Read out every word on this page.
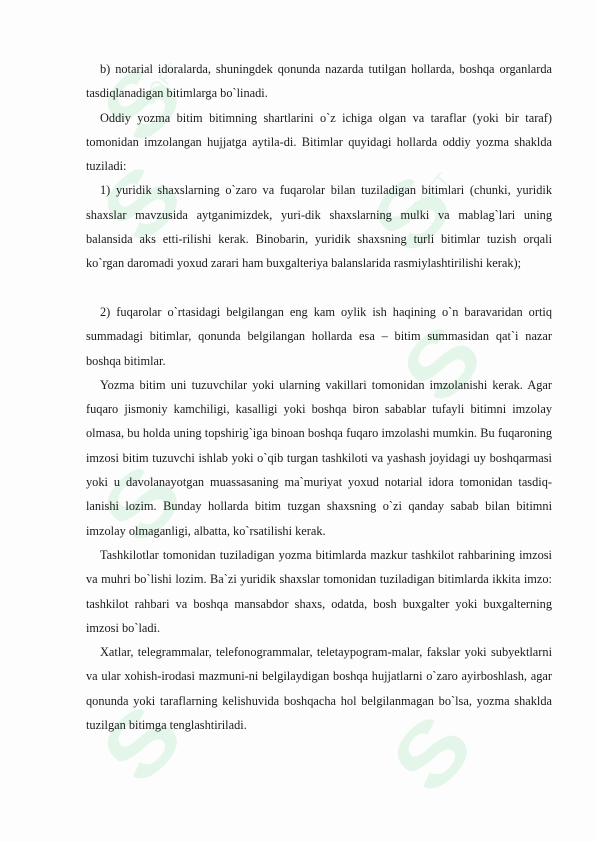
SOFT
SOFT

b) notarial idoralarda, shuningdek qonunda nazarda tutilgan hollarda, boshqa organlarda tasdiqlanadigan bitimlarga bo`linadi.

Oddiy yozma bitim bitimning shartlarini o`z ichiga olgan va taraflar (yoki bir taraf) tomonidan imzolangan hujjatga aytila-di. Bitimlar quyidagi hollarda oddiy yozma shaklda tuziladi:

1) yuridik shaxslarning o`zaro va fuqarolar bilan tuziladigan bitimlari (chunki, yuridik shaxslar mavzusida aytganimizdek, yuri-dik shaxslarning mulki va mablag`lari uning balansida aks etti-rilishi kerak. Binobarin, yuridik shaxsning turli bitimlar tuzish orqali ko`rgan daromadi yoxud zarari ham buxgalteriya balanslarida rasmiylashtirilishi kerak);

2) fuqarolar o`rtasidagi belgilangan eng kam oylik ish haqining o`n baravaridan ortiq summadagi bitimlar, qonunda belgilangan hollarda esa – bitim summasidan qat`i nazar boshqa bitimlar.

Yozma bitim uni tuzuvchilar yoki ularning vakillari tomonidan imzolanishi kerak. Agar fuqaro jismoniy kamchiligi, kasalligi yoki boshqa biron sabablar tufayli bitimni imzolay olmasa, bu holda uning topshirig`iga binoan boshqa fuqaro imzolashi mumkin. Bu fuqaroning imzosi bitim tuzuvchi ishlab yoki o`qib turgan tashkiloti va yashash joyidagi uy boshqarmasi yoki u davolanayotgan muassasaning ma`muriyat yoxud notarial idora tomonidan tasdiq-lanishi lozim. Bunday hollarda bitim tuzgan shaxsning o`zi qanday sabab bilan bitimni imzolay olmaganligi, albatta, ko`rsatilishi kerak.

Tashkilotlar tomonidan tuziladigan yozma bitimlarda mazkur tashkilot rahbarining imzosi va muhri bo`lishi lozim. Ba`zi yuridik shaxslar tomonidan tuziladigan bitimlarda ikkita imzo: tashkilot rahbari va boshqa mansabdor shaxs, odatda, bosh buxgalter yoki buxgalterning imzosi bo`ladi.

Xatlar, telegrammalar, telefonogrammalar, teletaypogram-malar, fakslar yoki subyektlarni va ular xohish-irodasi mazmuni-ni belgilaydigan boshqa hujjatlarni o`zaro ayirboshlash, agar qonunda yoki taraflarning kelishuvida boshqacha hol belgilanmagan bo`lsa, yozma shaklda tuzilgan bitimga tenglashtiriladi.
